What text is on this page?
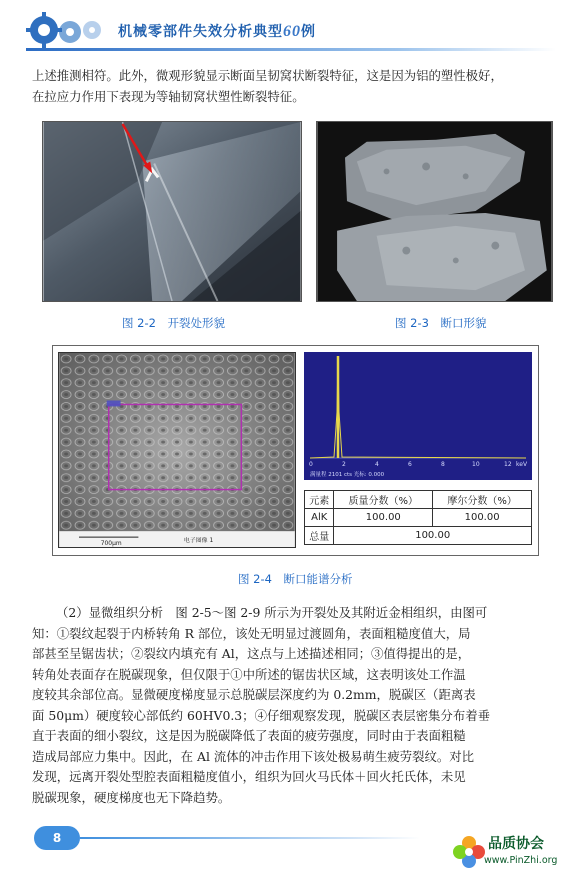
机械零部件失效分析典型60例
上述推测相符。此外，微观形貌显示断面呈韧窝状断裂特征，这是因为铝的塑性极好，
在拉应力作用下表现为等轴韧窝状塑性断裂特征。
图 2-2　开裂处形貌	图 2-3　断口形貌
700μm	电子图像 1
0	2	4	6	8	10	12 keV
满量程 2101 cts 光标: 0.000
元素	质量分数（%）	摩尔分数（%）
AlK	100.00	100.00
总量	100.00	
图 2-4　断口能谱分析
（2）显微组织分析　图 2-5～图 2-9 所示为开裂处及其附近金相组织，由图可
知：①裂纹起裂于内桥转角 R 部位，该处无明显过渡圆角，表面粗糙度值大，局
部甚至呈锯齿状；②裂纹内填充有 Al，这点与上述描述相同；③值得提出的是，
转角处表面存在脱碳现象，但仅限于①中所述的锯齿状区域，这表明该处工作温
度较其余部位高。显微硬度梯度显示总脱碳层深度约为 0.2mm，脱碳区（距离表
面 50μm）硬度较心部低约 60HV0.3；④仔细观察发现，脱碳区表层密集分布着垂
直于表面的细小裂纹，这是因为脱碳降低了表面的疲劳强度，同时由于表面粗糙
造成局部应力集中。因此，在 Al 流体的冲击作用下该处极易萌生疲劳裂纹。对比
发现，远离开裂处型腔表面粗糙度值小，组织为回火马氏体＋回火托氏体，未见
脱碳现象，硬度梯度也无下降趋势。
8	品质协会
www.PinZhi.org
